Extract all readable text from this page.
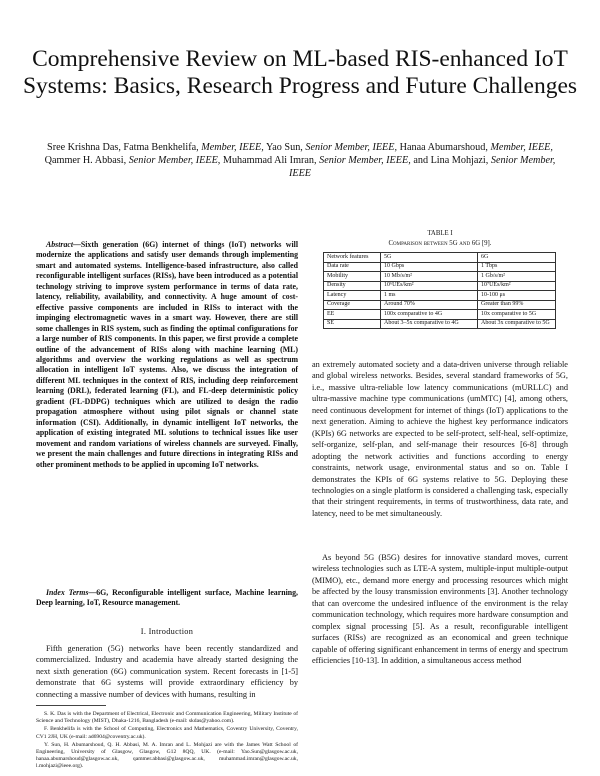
Comprehensive Review on ML-based RIS-enhanced IoT Systems: Basics, Research Progress and Future Challenges
Sree Krishna Das, Fatma Benkhelifa, Member, IEEE, Yao Sun, Senior Member, IEEE, Hanaa Abumarshoud, Member, IEEE, Qammer H. Abbasi, Senior Member, IEEE, Muhammad Ali Imran, Senior Member, IEEE, and Lina Mohjazi, Senior Member, IEEE

Abstract—Sixth generation (6G) internet of things (IoT) networks will modernize the applications and satisfy user demands through implementing smart and automated systems. Intelligence-based infrastructure, also called reconfigurable intelligent surfaces (RISs), have been introduced as a potential technology striving to improve system performance in terms of data rate, latency, reliability, availability, and connectivity. A huge amount of cost-effective passive components are included in RISs to interact with the impinging electromagnetic waves in a smart way. However, there are still some challenges in RIS system, such as finding the optimal configurations for a large number of RIS components. In this paper, we first provide a complete outline of the advancement of RISs along with machine learning (ML) algorithms and overview the working regulations as well as spectrum allocation in intelligent IoT systems. Also, we discuss the integration of different ML techniques in the context of RIS, including deep reinforcement learning (DRL), federated learning (FL), and FL-deep deterministic policy gradient (FL-DDPG) techniques which are utilized to design the radio propagation atmosphere without using pilot signals or channel state information (CSI). Additionally, in dynamic intelligent IoT networks, the application of existing integrated ML solutions to technical issues like user movement and random variations of wireless channels are surveyed. Finally, we present the main challenges and future directions in integrating RISs and other prominent methods to be applied in upcoming IoT networks.

Index Terms—6G, Reconfigurable intelligent surface, Machine learning, Deep learning, IoT, Resource management.

I. Introduction

Fifth generation (5G) networks have been recently standardized and commercialized. Industry and academia have already started designing the next sixth generation (6G) communication system. Recent forecasts in [1-5] demonstrate that 6G systems will provide extraordinary efficiency by connecting a massive number of devices with humans, resulting in

S. K. Das is with the Department of Electrical, Electronic and Communication Engineering, Military Institute of Science and Technology (MIST), Dhaka-1216, Bangladesh (e-mail: skdas@yahoo.com).

F. Benkhelifa is with the School of Computing, Electronics and Mathematics, Coventry University, Coventry, CV1 2JH, UK (e-mail: ad6904@coventry.ac.uk).

Y. Sun, H. Abumarshoud, Q. H. Abbasi, M. A. Imran and L. Mohjazi are with the James Watt School of Engineering, University of Glasgow, Glasgow, G12 8QQ, UK. (e-mail: Yao.Sun@glasgow.ac.uk, hanaa.abumarshoud@glasgow.ac.uk, qammer.abbasi@glasgow.ac.uk, muhammad.imran@glasgow.ac.uk, l.mohjazi@ieee.org).

TABLE I
Comparison between 5G and 6G [9].
Network features	5G	6G
Data rate	10 Gbps	1 Tbps
Mobility	10 Mb/s/m²	1 Gb/s/m²
Density	10⁶UEs/km²	10⁷UEs/km²
Latency	1 ms	10-100 μs
Coverage	Around 70%	Greater than 99%
EE	100x comparative to 4G	10x comparative to 5G
SE	About 3–5x comparative to 4G	About 3x comparative to 5G

an extremely automated society and a data-driven universe through reliable and global wireless networks. Besides, several standard frameworks of 5G, i.e., massive ultra-reliable low latency communications (mURLLC) and ultra-massive machine type communications (umMTC) [4], among others, need continuous development for internet of things (IoT) applications to the next generation. Aiming to achieve the highest key performance indicators (KPIs) 6G networks are expected to be self-protect, self-heal, self-optimize, self-organize, self-plan, and self-manage their resources [6-8] through adopting the network activities and functions according to energy constraints, network usage, environmental status and so on. Table I demonstrates the KPIs of 6G systems relative to 5G. Deploying these technologies on a single platform is considered a challenging task, especially that their stringent requirements, in terms of trustworthiness, data rate, and latency, need to be met simultaneously.

As beyond 5G (B5G) desires for innovative standard moves, current wireless technologies such as LTE-A system, multiple-input multiple-output (MIMO), etc., demand more energy and processing resources which might be affected by the lousy transmission environments [3]. Another technology that can overcome the undesired influence of the environment is the relay communication technology, which requires more hardware consumption and complex signal processing [5]. As a result, reconfigurable intelligent surfaces (RISs) are recognized as an economical and green technique capable of offering significant enhancement in terms of energy and spectrum efficiencies [10-13]. In addition, a simultaneous access method
